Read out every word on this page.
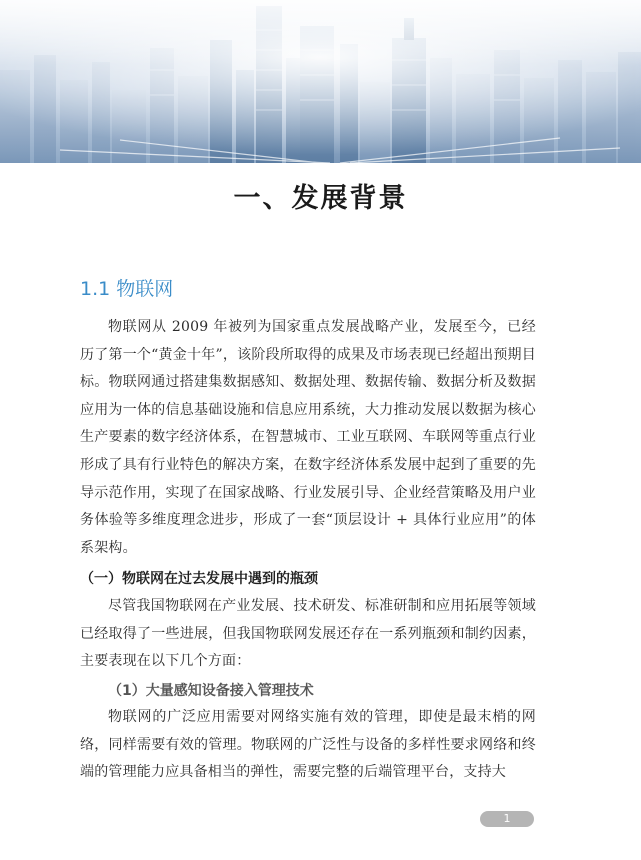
一、发展背景
1.1 物联网

物联网从 2009 年被列为国家重点发展战略产业，发展至今，已经历了第一个“黄金十年”，该阶段所取得的成果及市场表现已经超出预期目标。物联网通过搭建集数据感知、数据处理、数据传输、数据分析及数据应用为一体的信息基础设施和信息应用系统，大力推动发展以数据为核心生产要素的数字经济体系，在智慧城市、工业互联网、车联网等重点行业形成了具有行业特色的解决方案，在数字经济体系发展中起到了重要的先导示范作用，实现了在国家战略、行业发展引导、企业经营策略及用户业务体验等多维度理念进步，形成了一套“顶层设计 + 具体行业应用”的体系架构。

（一）物联网在过去发展中遇到的瓶颈

尽管我国物联网在产业发展、技术研发、标准研制和应用拓展等领域已经取得了一些进展，但我国物联网发展还存在一系列瓶颈和制约因素，主要表现在以下几个方面：

（1）大量感知设备接入管理技术

物联网的广泛应用需要对网络实施有效的管理，即使是最末梢的网络，同样需要有效的管理。物联网的广泛性与设备的多样性要求网络和终端的管理能力应具备相当的弹性，需要完整的后端管理平台，支持大

1
